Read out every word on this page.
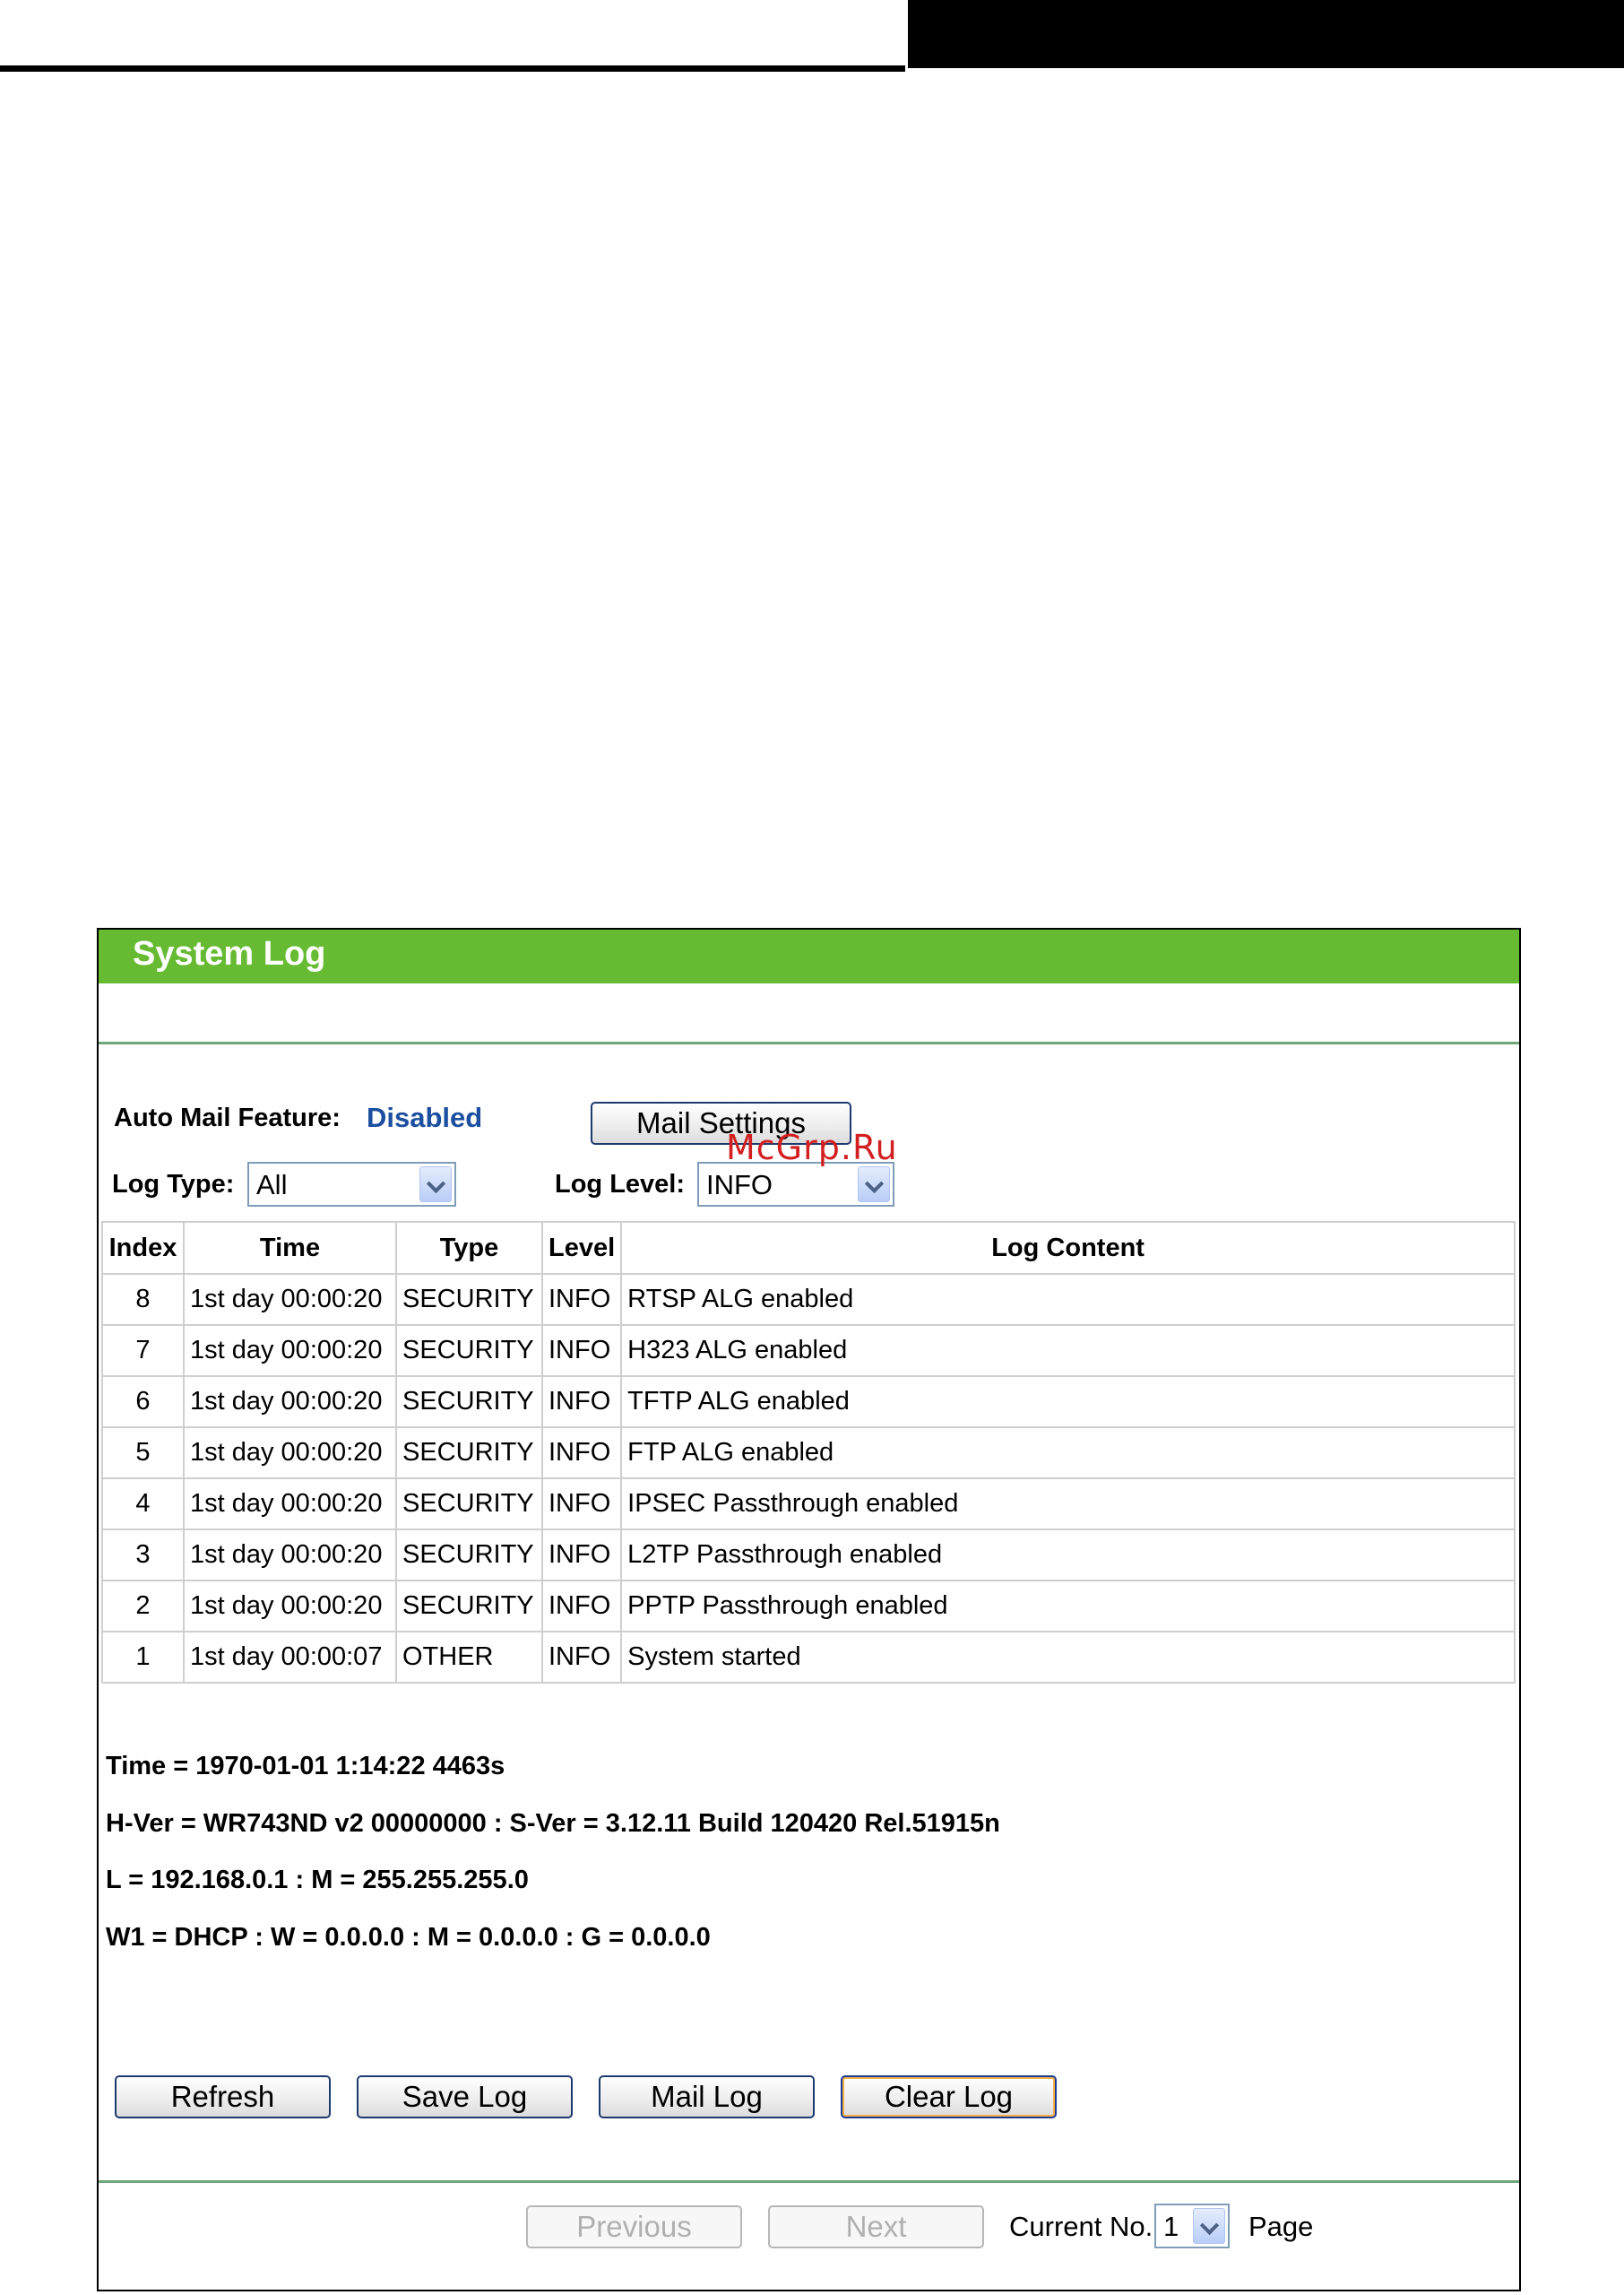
System Log
Auto Mail Feature: Disabled	Mail Settings
Log Type: All	Log Level: INFO
Index	Time	Type	Level	Log Content
8	1st day 00:00:20	SECURITY	INFO	RTSP ALG enabled
7	1st day 00:00:20	SECURITY	INFO	H323 ALG enabled
6	1st day 00:00:20	SECURITY	INFO	TFTP ALG enabled
5	1st day 00:00:20	SECURITY	INFO	FTP ALG enabled
4	1st day 00:00:20	SECURITY	INFO	IPSEC Passthrough enabled
3	1st day 00:00:20	SECURITY	INFO	L2TP Passthrough enabled
2	1st day 00:00:20	SECURITY	INFO	PPTP Passthrough enabled
1	1st day 00:00:07	OTHER	INFO	System started
Time = 1970-01-01 1:14:22 4463s
H-Ver = WR743ND v2 00000000 : S-Ver = 3.12.11 Build 120420 Rel.51915n
L = 192.168.0.1 : M = 255.255.255.0
W1 = DHCP : W = 0.0.0.0 : M = 0.0.0.0 : G = 0.0.0.0
Refresh	Save Log	Mail Log	Clear Log
Previous	Next	Current No. 1	Page
McGrp.Ru
